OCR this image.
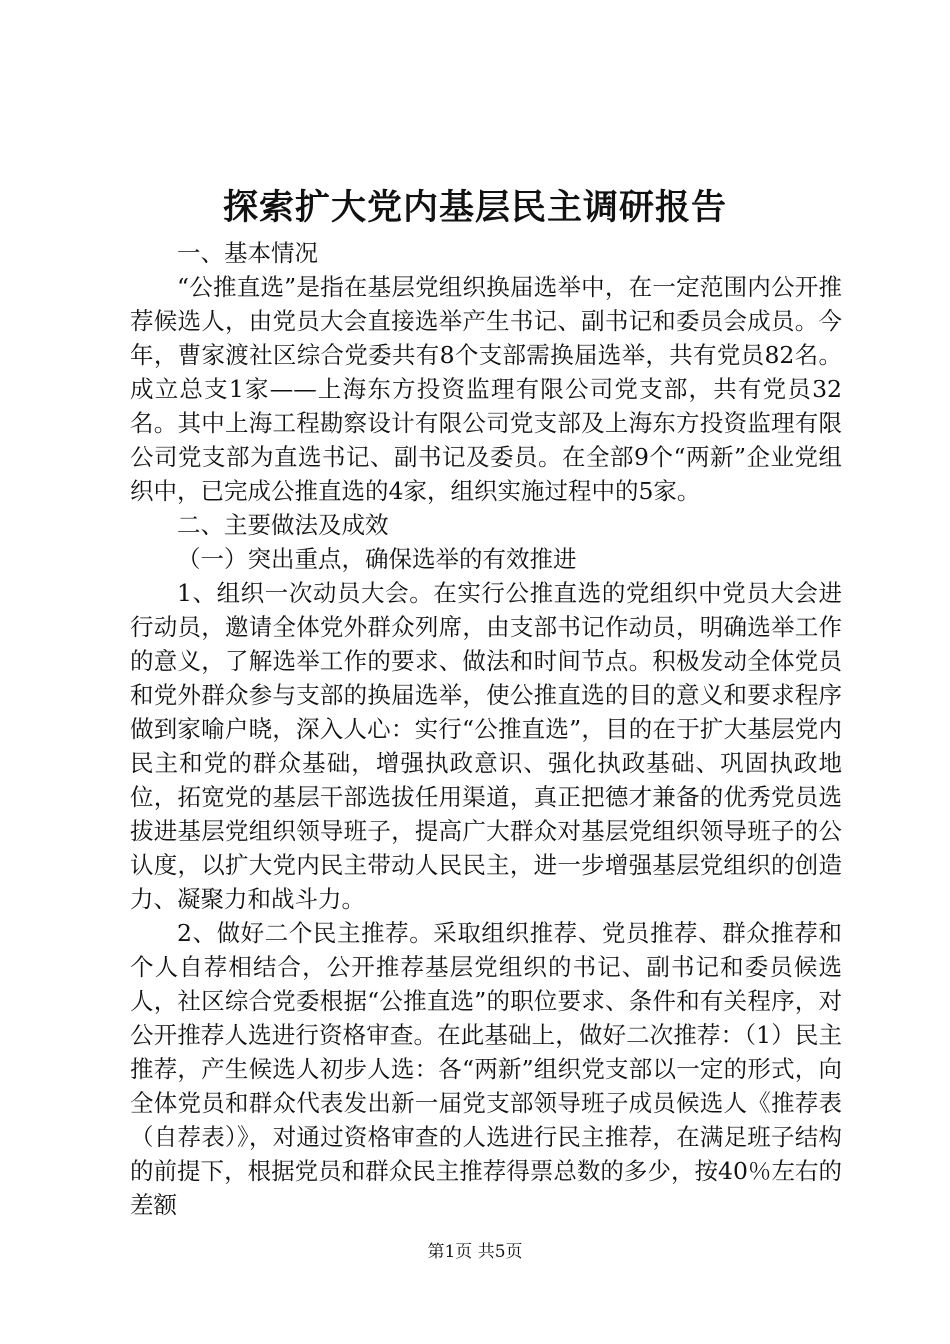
探索扩大党内基层民主调研报告

一、基本情况

“公推直选”是指在基层党组织换届选举中，在一定范围内公开推荐候选人，由党员大会直接选举产生书记、副书记和委员会成员。今年，曹家渡社区综合党委共有8个支部需换届选举，共有党员82名。成立总支1家——上海东方投资监理有限公司党支部，共有党员32名。其中上海工程勘察设计有限公司党支部及上海东方投资监理有限公司党支部为直选书记、副书记及委员。在全部9个“两新”企业党组织中，已完成公推直选的4家，组织实施过程中的5家。

二、主要做法及成效

（一）突出重点，确保选举的有效推进

1、组织一次动员大会。在实行公推直选的党组织中党员大会进行动员，邀请全体党外群众列席，由支部书记作动员，明确选举工作的意义，了解选举工作的要求、做法和时间节点。积极发动全体党员和党外群众参与支部的换届选举，使公推直选的目的意义和要求程序做到家喻户晓，深入人心：实行“公推直选”，目的在于扩大基层党内民主和党的群众基础，增强执政意识、强化执政基础、巩固执政地位，拓宽党的基层干部选拔任用渠道，真正把德才兼备的优秀党员选拔进基层党组织领导班子，提高广大群众对基层党组织领导班子的公认度，以扩大党内民主带动人民民主，进一步增强基层党组织的创造力、凝聚力和战斗力。

2、做好二个民主推荐。采取组织推荐、党员推荐、群众推荐和个人自荐相结合，公开推荐基层党组织的书记、副书记和委员候选人，社区综合党委根据“公推直选”的职位要求、条件和有关程序，对公开推荐人选进行资格审查。在此基础上，做好二次推荐：（1）民主推荐，产生候选人初步人选：各“两新”组织党支部以一定的形式，向全体党员和群众代表发出新一届党支部领导班子成员候选人《推荐表（自荐表）》，对通过资格审查的人选进行民主推荐，在满足班子结构的前提下，根据党员和群众民主推荐得票总数的多少，按40％左右的差额

第1页 共5页
